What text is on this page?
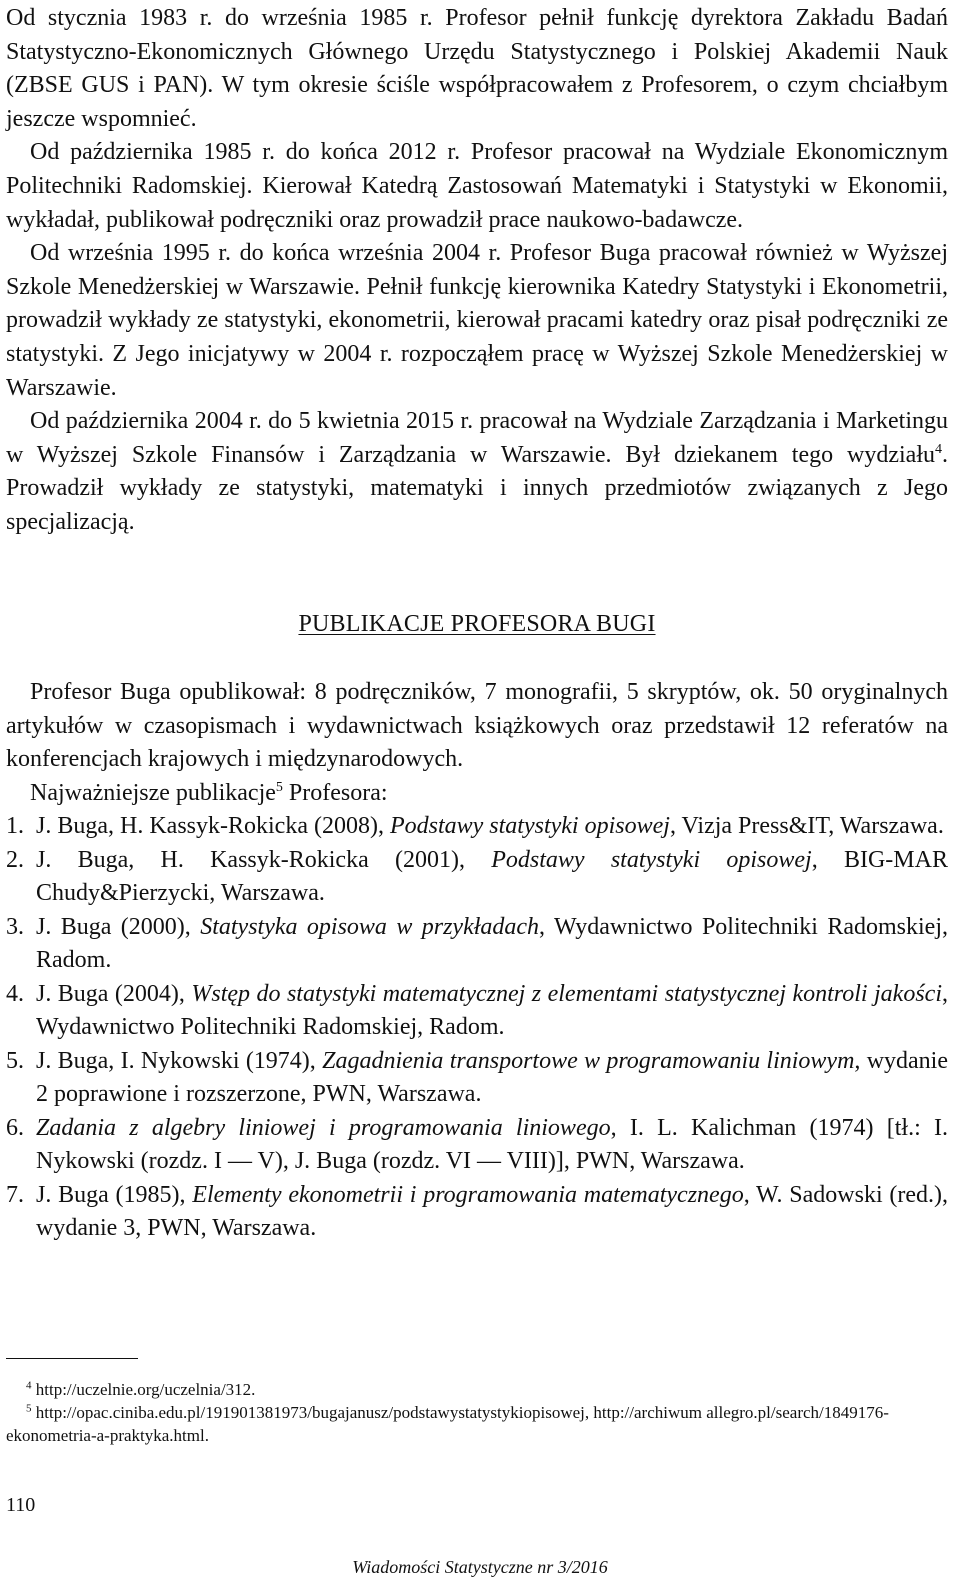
Od stycznia 1983 r. do września 1985 r. Profesor pełnił funkcję dyrektora Zakładu Badań Statystyczno-Ekonomicznych Głównego Urzędu Statystycznego i Polskiej Akademii Nauk (ZBSE GUS i PAN). W tym okresie ściśle współpracowałem z Profesorem, o czym chciałbym jeszcze wspomnieć.

Od października 1985 r. do końca 2012 r. Profesor pracował na Wydziale Ekonomicznym Politechniki Radomskiej. Kierował Katedrą Zastosowań Matematyki i Statystyki w Ekonomii, wykładał, publikował podręczniki oraz prowadził prace naukowo-badawcze.

Od września 1995 r. do końca września 2004 r. Profesor Buga pracował również w Wyższej Szkole Menedżerskiej w Warszawie. Pełnił funkcję kierownika Katedry Statystyki i Ekonometrii, prowadził wykłady ze statystyki, ekonometrii, kierował pracami katedry oraz pisał podręczniki ze statystyki. Z Jego inicjatywy w 2004 r. rozpocząłem pracę w Wyższej Szkole Menedżerskiej w Warszawie.

Od października 2004 r. do 5 kwietnia 2015 r. pracował na Wydziale Zarządzania i Marketingu w Wyższej Szkole Finansów i Zarządzania w Warszawie. Był dziekanem tego wydziału$^4$. Prowadził wykłady ze statystyki, matematyki i innych przedmiotów związanych z Jego specjalizacją.

PUBLIKACJE PROFESORA BUGI

Profesor Buga opublikował: 8 podręczników, 7 monografii, 5 skryptów, ok. 50 oryginalnych artykułów w czasopismach i wydawnictwach książkowych oraz przedstawił 12 referatów na konferencjach krajowych i międzynarodowych.

Najważniejsze publikacje$^5$ Profesora:

1. J. Buga, H. Kassyk-Rokicka (2008), Podstawy statystyki opisowej, Vizja Press&IT, Warszawa.
2. J. Buga, H. Kassyk-Rokicka (2001), Podstawy statystyki opisowej, BIG-MAR Chudy&Pierzycki, Warszawa.
3. J. Buga (2000), Statystyka opisowa w przykładach, Wydawnictwo Politechniki Radomskiej, Radom.
4. J. Buga (2004), Wstęp do statystyki matematycznej z elementami statystycznej kontroli jakości, Wydawnictwo Politechniki Radomskiej, Radom.
5. J. Buga, I. Nykowski (1974), Zagadnienia transportowe w programowaniu liniowym, wydanie 2 poprawione i rozszerzone, PWN, Warszawa.
6. Zadania z algebry liniowej i programowania liniowego, I. L. Kalichman (1974) [tł.: I. Nykowski (rozdz. I — V), J. Buga (rozdz. VI — VIII)], PWN, Warszawa.
7. J. Buga (1985), Elementy ekonometrii i programowania matematycznego, W. Sadowski (red.), wydanie 3, PWN, Warszawa.

$^4$ http://uczelnie.org/uczelnia/312.

$^5$ http://opac.ciniba.edu.pl/191901381973/bugajanusz/podstawystatystykiopisowej, http://archiwum allegro.pl/search/1849176-ekonometria-a-praktyka.html.

110
Wiadomości Statystyczne nr 3/2016
